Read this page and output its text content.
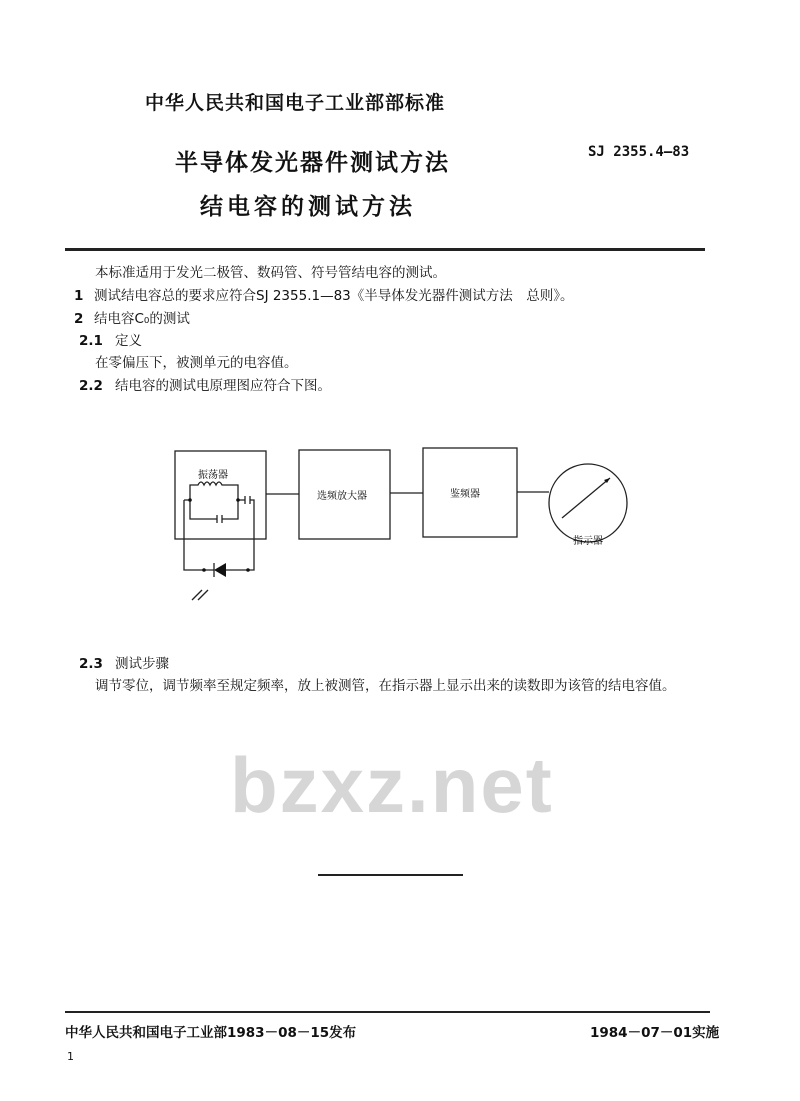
bzxz.net
中华人民共和国电子工业部部标准
半导体发光器件测试方法
结电容的测试方法
SJ 2355.4—83
本标准适用于发光二极管、数码管、符号管结电容的测试。
1 测试结电容总的要求应符合SJ 2355.1—83《半导体发光器件测试方法　总则》。
2 结电容C₀的测试
2.1 定义
在零偏压下，被测单元的电容值。
2.2 结电容的测试电原理图应符合下图。
振荡器
选频放大器	鉴频器
指示器
2.3 测试步骤
调节零位，调节频率至规定频率，放上被测管，在指示器上显示出来的读数即为该管的结电容值。
中华人民共和国电子工业部1983－08－15发布	1984－07－01实施
1
